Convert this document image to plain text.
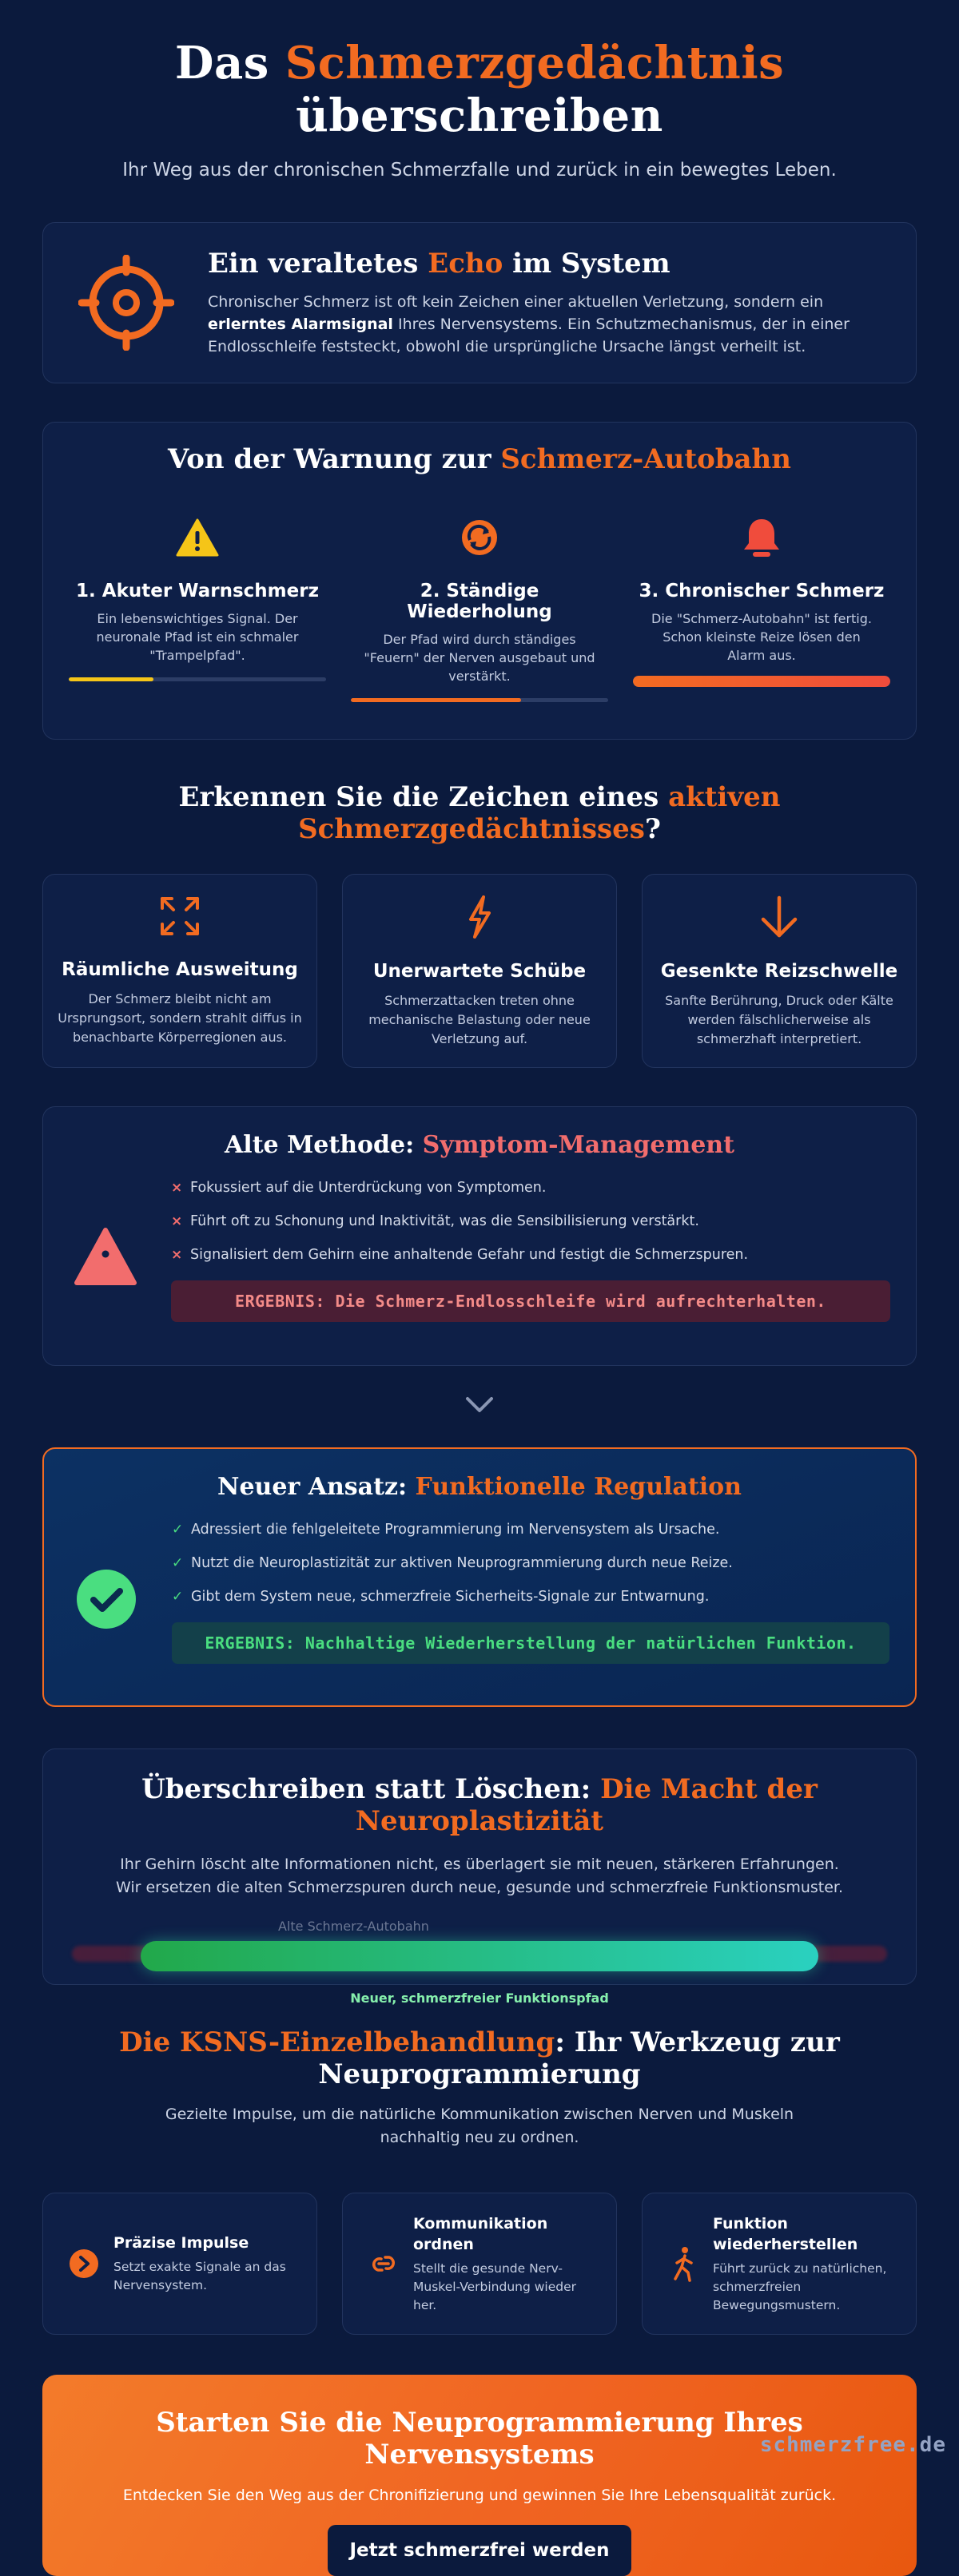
Das Schmerzgedächtnis überschreiben

Ihr Weg aus der chronischen Schmerzfalle und zurück in ein bewegtes Leben.

Ein veraltetes Echo im System

Chronischer Schmerz ist oft kein Zeichen einer aktuellen Verletzung, sondern ein erlerntes Alarmsignal Ihres Nervensystems. Ein Schutzmechanismus, der in einer Endlosschleife feststeckt, obwohl die ursprüngliche Ursache längst verheilt ist.

Von der Warnung zur Schmerz-Autobahn
1. Akuter Warnschmerz

Ein lebenswichtiges Signal. Der neuronale Pfad ist ein schmaler "Trampelpfad".

2. Ständige Wiederholung

Der Pfad wird durch ständiges "Feuern" der Nerven ausgebaut und verstärkt.

3. Chronischer Schmerz

Die "Schmerz-Autobahn" ist fertig. Schon kleinste Reize lösen den Alarm aus.

Erkennen Sie die Zeichen eines aktiven Schmerzgedächtnisses?
Räumliche Ausweitung

Der Schmerz bleibt nicht am Ursprungsort, sondern strahlt diffus in benachbarte Körperregionen aus.

Unerwartete Schübe

Schmerzattacken treten ohne mechanische Belastung oder neue Verletzung auf.

Gesenkte Reizschwelle

Sanfte Berührung, Druck oder Kälte werden fälschlicherweise als schmerzhaft interpretiert.

Alte Methode: Symptom-Management
× Fokussiert auf die Unterdrückung von Symptomen.
× Führt oft zu Schonung und Inaktivität, was die Sensibilisierung verstärkt.
× Signalisiert dem Gehirn eine anhaltende Gefahr und festigt die Schmerzspuren.
ERGEBNIS: Die Schmerz-Endlosschleife wird aufrechterhalten.
Neuer Ansatz: Funktionelle Regulation
✓ Adressiert die fehlgeleitete Programmierung im Nervensystem als Ursache.
✓ Nutzt die Neuroplastizität zur aktiven Neuprogrammierung durch neue Reize.
✓ Gibt dem System neue, schmerzfreie Sicherheits-Signale zur Entwarnung.
ERGEBNIS: Nachhaltige Wiederherstellung der natürlichen Funktion.
Überschreiben statt Löschen: Die Macht der Neuroplastizität

Ihr Gehirn löscht alte Informationen nicht, es überlagert sie mit neuen, stärkeren Erfahrungen.
Wir ersetzen die alten Schmerzspuren durch neue, gesunde und schmerzfreie Funktionsmuster.

Alte Schmerz-Autobahn
Neuer, schmerzfreier Funktionspfad
Die KSNS-Einzelbehandlung: Ihr Werkzeug zur Neuprogrammierung

Gezielte Impulse, um die natürliche Kommunikation zwischen Nerven und Muskeln nachhaltig neu zu ordnen.

Präzise Impulse

Setzt exakte Signale an das Nervensystem.

Kommunikation ordnen

Stellt die gesunde Nerv-Muskel-Verbindung wieder her.

Funktion wiederherstellen

Führt zurück zu natürlichen, schmerzfreien Bewegungsmustern.

Starten Sie die Neuprogrammierung Ihres Nervensystems

Entdecken Sie den Weg aus der Chronifizierung und gewinnen Sie Ihre Lebensqualität zurück.

Jetzt schmerzfrei werden
schmerzfree.de
